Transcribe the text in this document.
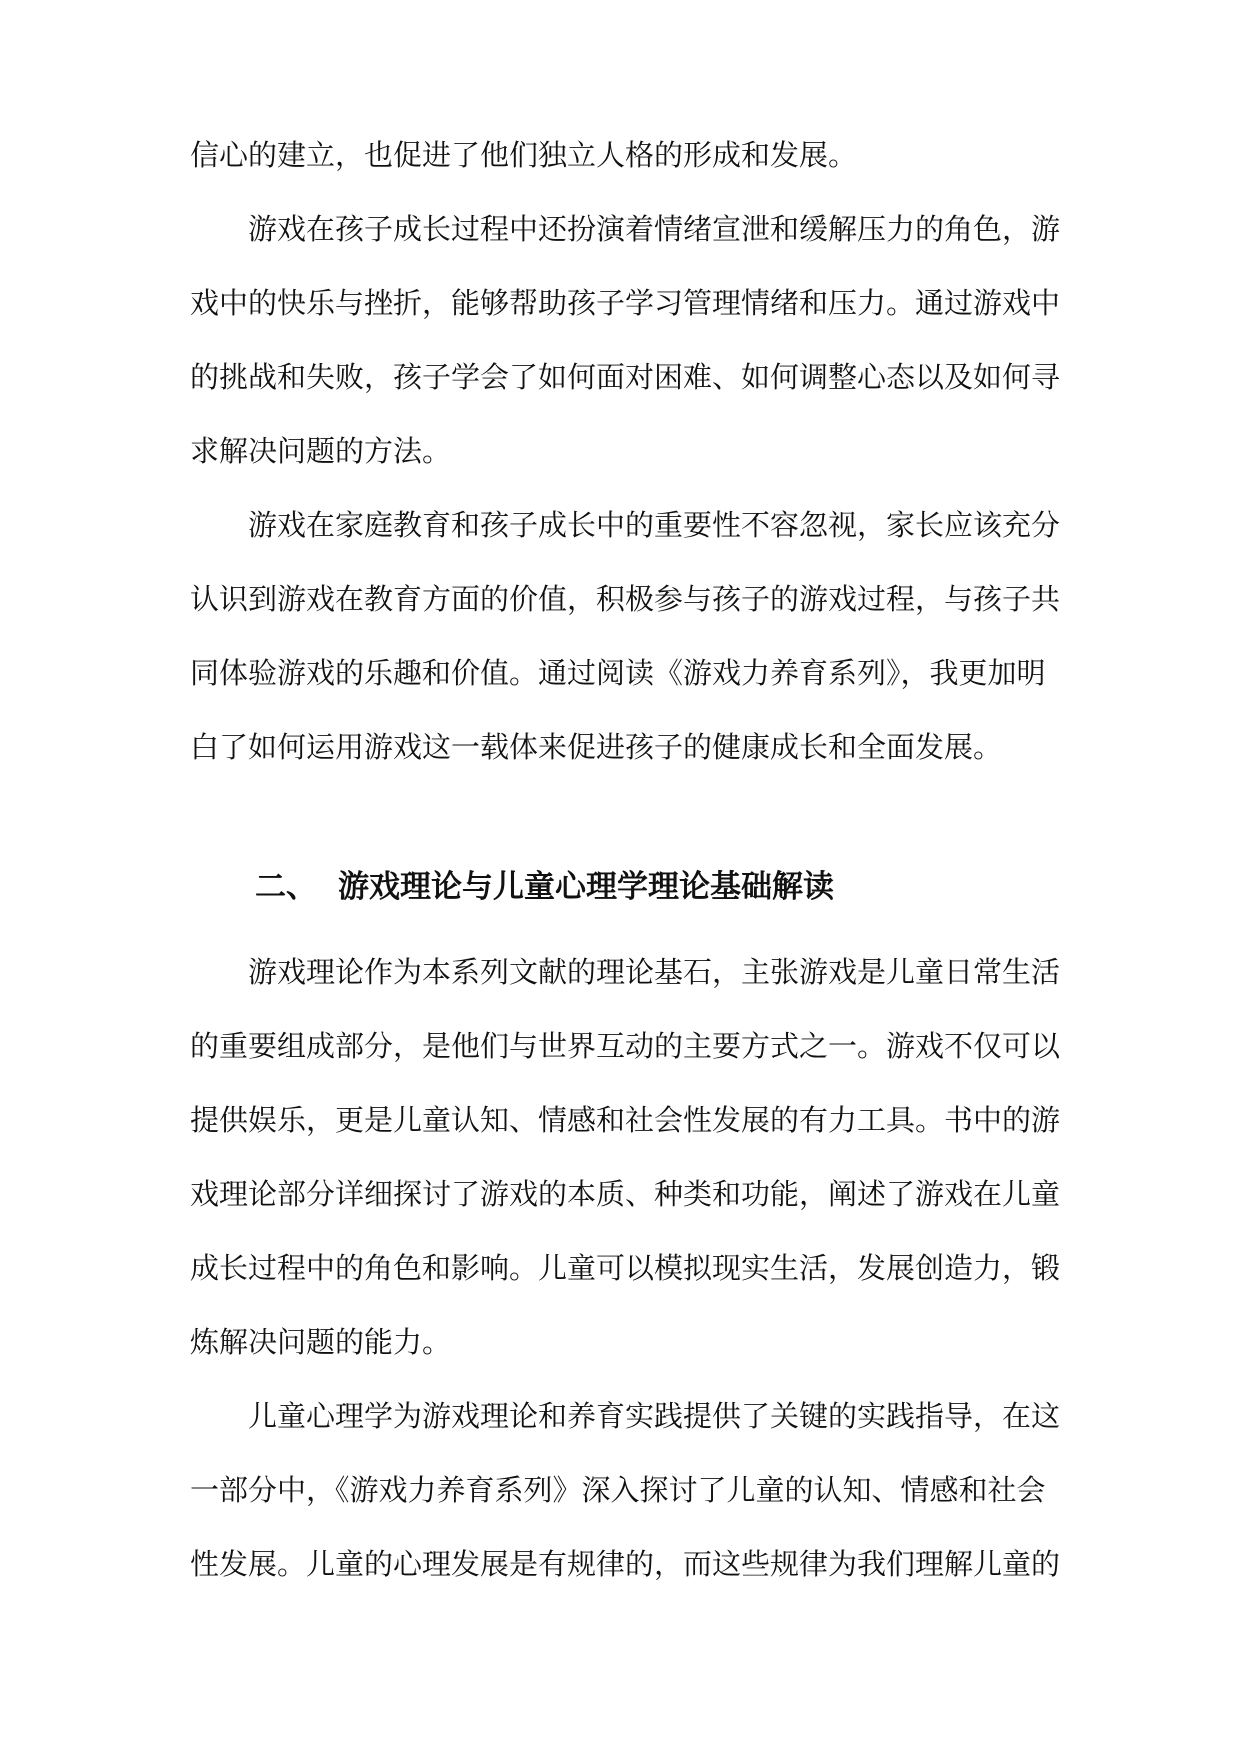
信心的建立，也促进了他们独立人格的形成和发展。
游戏在孩子成长过程中还扮演着情绪宣泄和缓解压力的角色，游
戏中的快乐与挫折，能够帮助孩子学习管理情绪和压力。通过游戏中
的挑战和失败，孩子学会了如何面对困难、如何调整心态以及如何寻
求解决问题的方法。
游戏在家庭教育和孩子成长中的重要性不容忽视，家长应该充分
认识到游戏在教育方面的价值，积极参与孩子的游戏过程，与孩子共
同体验游戏的乐趣和价值。通过阅读《游戏力养育系列》，我更加明
白了如何运用游戏这一载体来促进孩子的健康成长和全面发展。
二、 游戏理论与儿童心理学理论基础解读
游戏理论作为本系列文献的理论基石，主张游戏是儿童日常生活
的重要组成部分，是他们与世界互动的主要方式之一。游戏不仅可以
提供娱乐，更是儿童认知、情感和社会性发展的有力工具。书中的游
戏理论部分详细探讨了游戏的本质、种类和功能，阐述了游戏在儿童
成长过程中的角色和影响。儿童可以模拟现实生活，发展创造力，锻
炼解决问题的能力。
儿童心理学为游戏理论和养育实践提供了关键的实践指导，在这
一部分中，《游戏力养育系列》深入探讨了儿童的认知、情感和社会
性发展。儿童的心理发展是有规律的，而这些规律为我们理解儿童的
